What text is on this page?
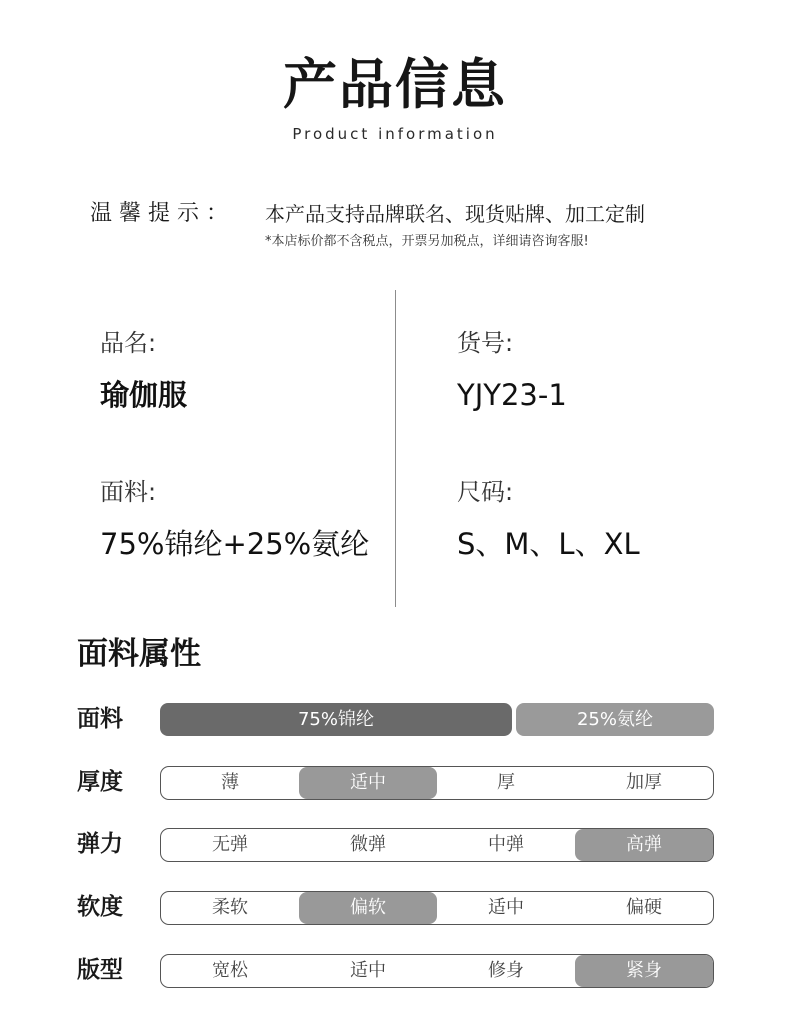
产品信息
Product information
温馨提示： 本产品支持品牌联名、现货贴牌、加工定制
*本店标价都不含税点，开票另加税点，详细请咨询客服!
品名:
瑜伽服
货号:
YJY23-1
面料:
75%锦纶+25%氨纶
尺码:
S、M、L、XL
面料属性
面料	75%锦纶	25%氨纶
厚度	薄	适中	厚	加厚
弹力	无弹	微弹	中弹	高弹
软度	柔软	偏软	适中	偏硬
版型	宽松	适中	修身	紧身
